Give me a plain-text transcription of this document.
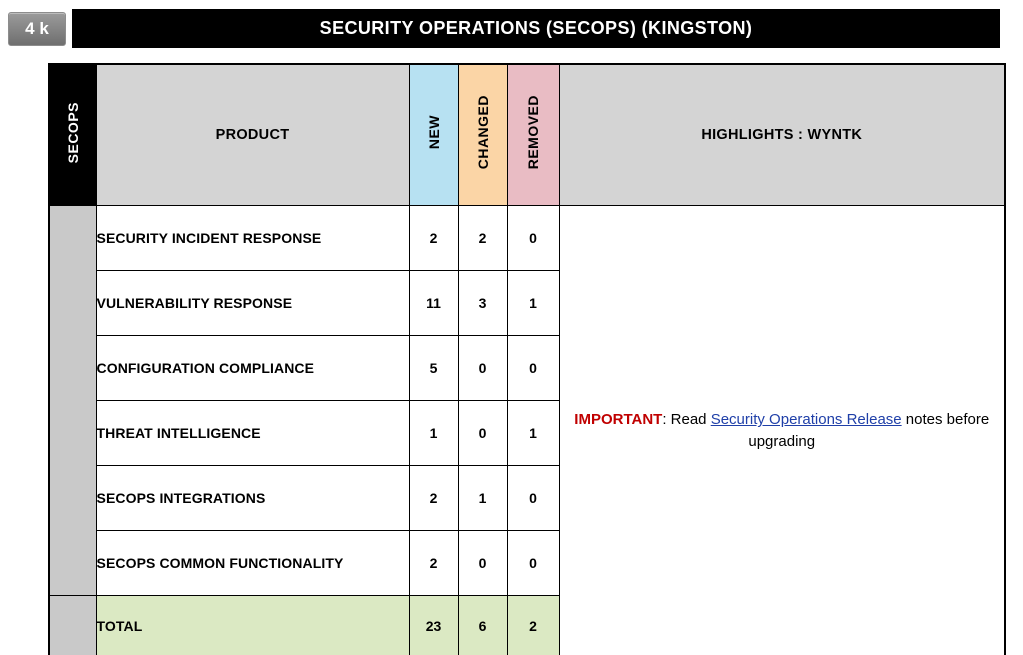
4 k	SECURITY OPERATIONS (SECOPS) (KINGSTON)
SECOPS	PRODUCT	NEW	CHANGED	REMOVED	HIGHLIGHTS : WYNTK
	SECURITY INCIDENT RESPONSE	2	2	0	IMPORTANT: Read Security Operations Release notes before upgrading
	VULNERABILITY RESPONSE	11	3	1	
	CONFIGURATION COMPLIANCE	5	0	0	
	THREAT INTELLIGENCE	1	0	1	
	SECOPS INTEGRATIONS	2	1	0	
	SECOPS COMMON FUNCTIONALITY	2	0	0	
	TOTAL	23	6	2	
